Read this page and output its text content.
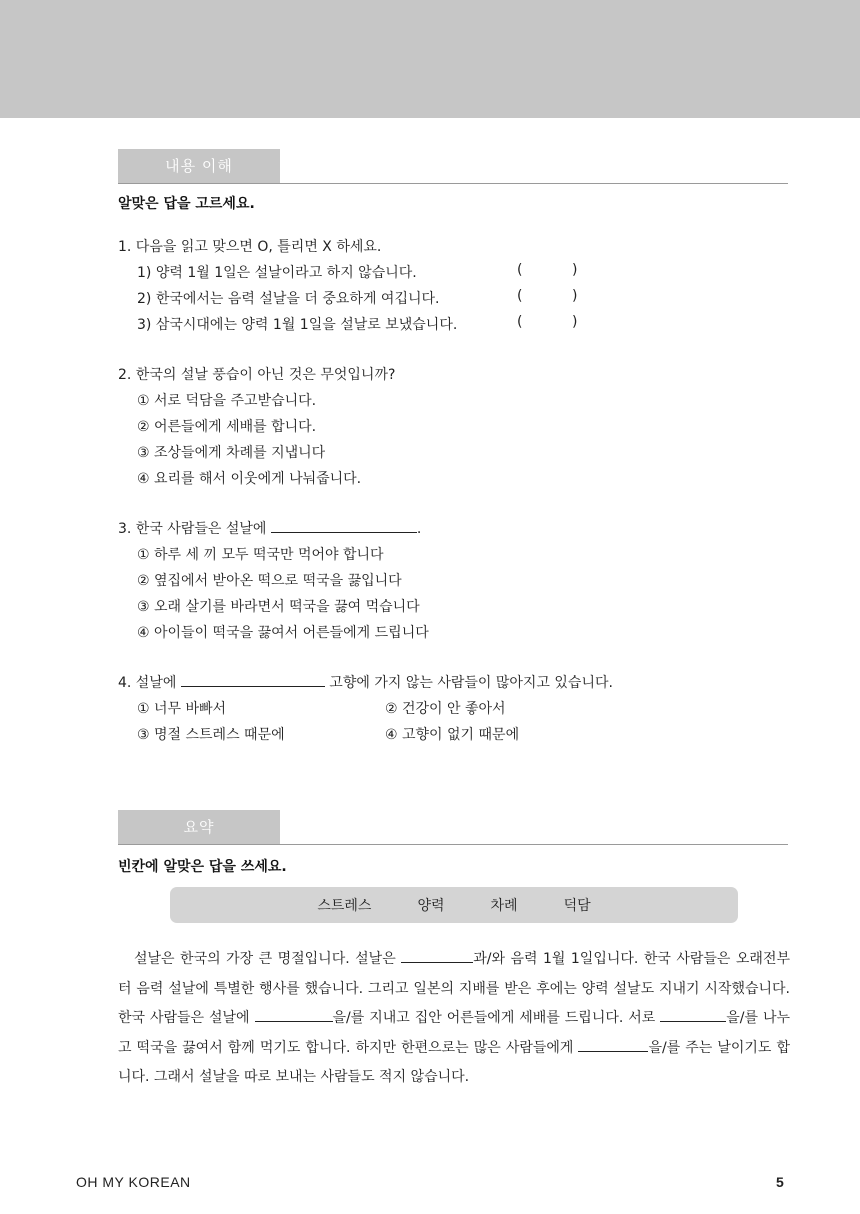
내용 이해
알맞은 답을 고르세요.
1. 다음을 읽고 맞으면 O, 틀리면 X 하세요.
1) 양력 1월 1일은 설날이라고 하지 않습니다.	(	)
2) 한국에서는 음력 설날을 더 중요하게 여깁니다.	(	)
3) 삼국시대에는 양력 1월 1일을 설날로 보냈습니다.	(	)
2. 한국의 설날 풍습이 아닌 것은 무엇입니까?
① 서로 덕담을 주고받습니다.
② 어른들에게 세배를 합니다.
③ 조상들에게 차례를 지냅니다
④ 요리를 해서 이웃에게 나눠줍니다.
3. 한국 사람들은 설날에	.
① 하루 세 끼 모두 떡국만 먹어야 합니다
② 옆집에서 받아온 떡으로 떡국을 끓입니다
③ 오래 살기를 바라면서 떡국을 끓여 먹습니다
④ 아이들이 떡국을 끓여서 어른들에게 드립니다
4. 설날에	고향에 가지 않는 사람들이 많아지고 있습니다.
① 너무 바빠서	② 건강이 안 좋아서
③ 명절 스트레스 때문에	④ 고향이 없기 때문에
요약
빈칸에 알맞은 답을 쓰세요.
스트레스	양력	차례	덕담
설날은 한국의 가장 큰 명절입니다. 설날은	과/와 음력 1월 1일입니다. 한국 사람들은 오래전부터 음력 설날에 특별한 행사를 했습니다. 그리고 일본의 지배를 받은 후에는 양력 설날도 지내기 시작했습니다. 한국 사람들은 설날에	을/를 지내고 집안 어른들에게 세배를 드립니다. 서로	을/를 나누고 떡국을 끓여서 함께 먹기도 합니다. 하지만 한편으로는 많은 사람들에게	을/를 주는 날이기도 합니다. 그래서 설날을 따로 보내는 사람들도 적지 않습니다.
OH MY KOREAN	5
